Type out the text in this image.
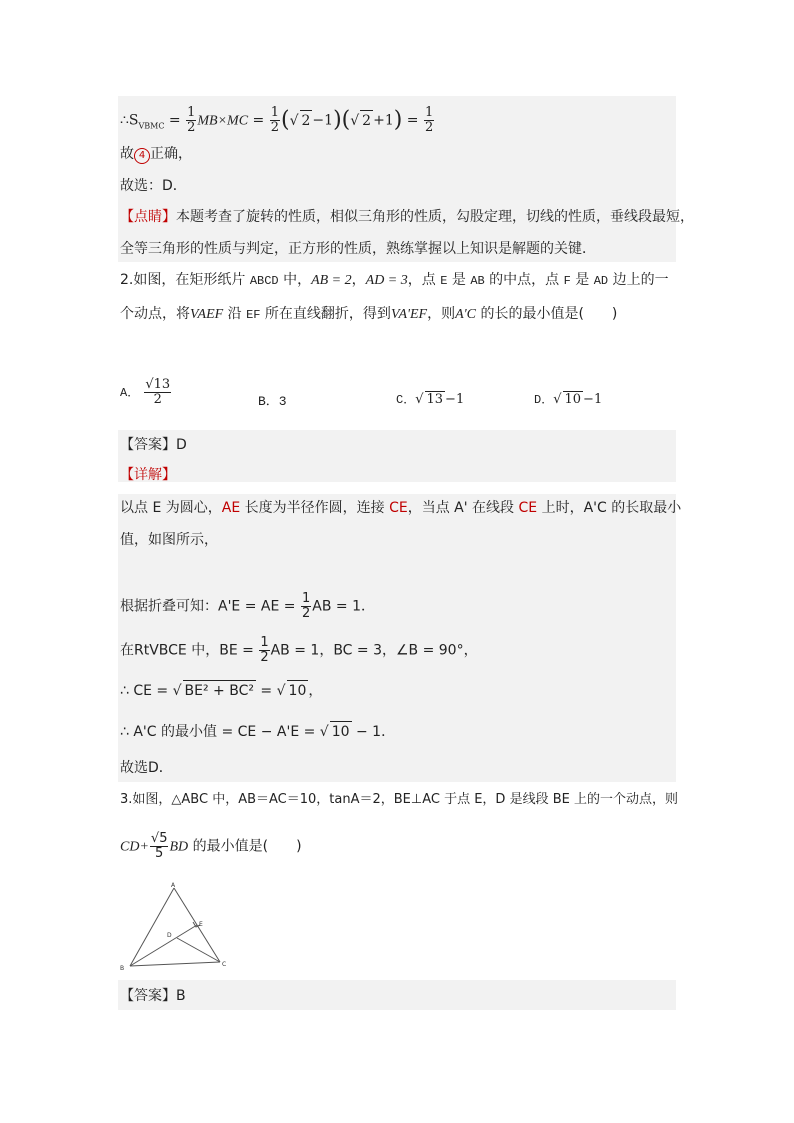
$\therefore S_{VBMC} = \frac{1}{2} MB\times MC = \frac{1}{2}$ ( √ 2 −1)( √ $2 +1) = \frac{1}{2}$
故 4 正确，
故选：D．
【点睛】本题考查了旋转的性质，相似三角形的性质，勾股定理，切线的性质，垂线段最短，
全等三角形的性质与判定，正方形的性质，熟练掌握以上知识是解题的关键．
2.如图，在矩形纸片 ABCD 中，AB = 2，AD = 3，点 E 是 AB 的中点，点 F 是 AD 边上的一
个动点，将VAEF 沿 EF 所在直线翻折，得到VA'EF，则A'C 的长的最小值是(　　)
A． $\frac{√13}{2}$	B．3	C． √ 13 −1	D． √ 10 −1
【答案】D
【详解】
以点 E 为圆心，AE 长度为半径作圆，连接 CE，当点 A' 在线段 CE 上时，A'C 的长取最小
值，如图所示，
根据折叠可知：A'E = AE = $\frac{1}{2}$ AB = 1．
在RtVBCE 中，BE = $\frac{1}{2}$ AB = 1，BC = 3，∠B = 90°，
∴ CE = √ BE² + BC² = √ 10 ，
∴ A'C 的最小值 = CE − A'E = √ 10 − 1．
故选D．
3.如图，△ABC 中，AB＝AC＝10，tanA＝2，BE⊥AC 于点 E，D 是线段 BE 上的一个动点，则
CD+ √ $\frac{5}{5}$ BD 的最小值是(　　)
A
B
C
D
E
【答案】B
